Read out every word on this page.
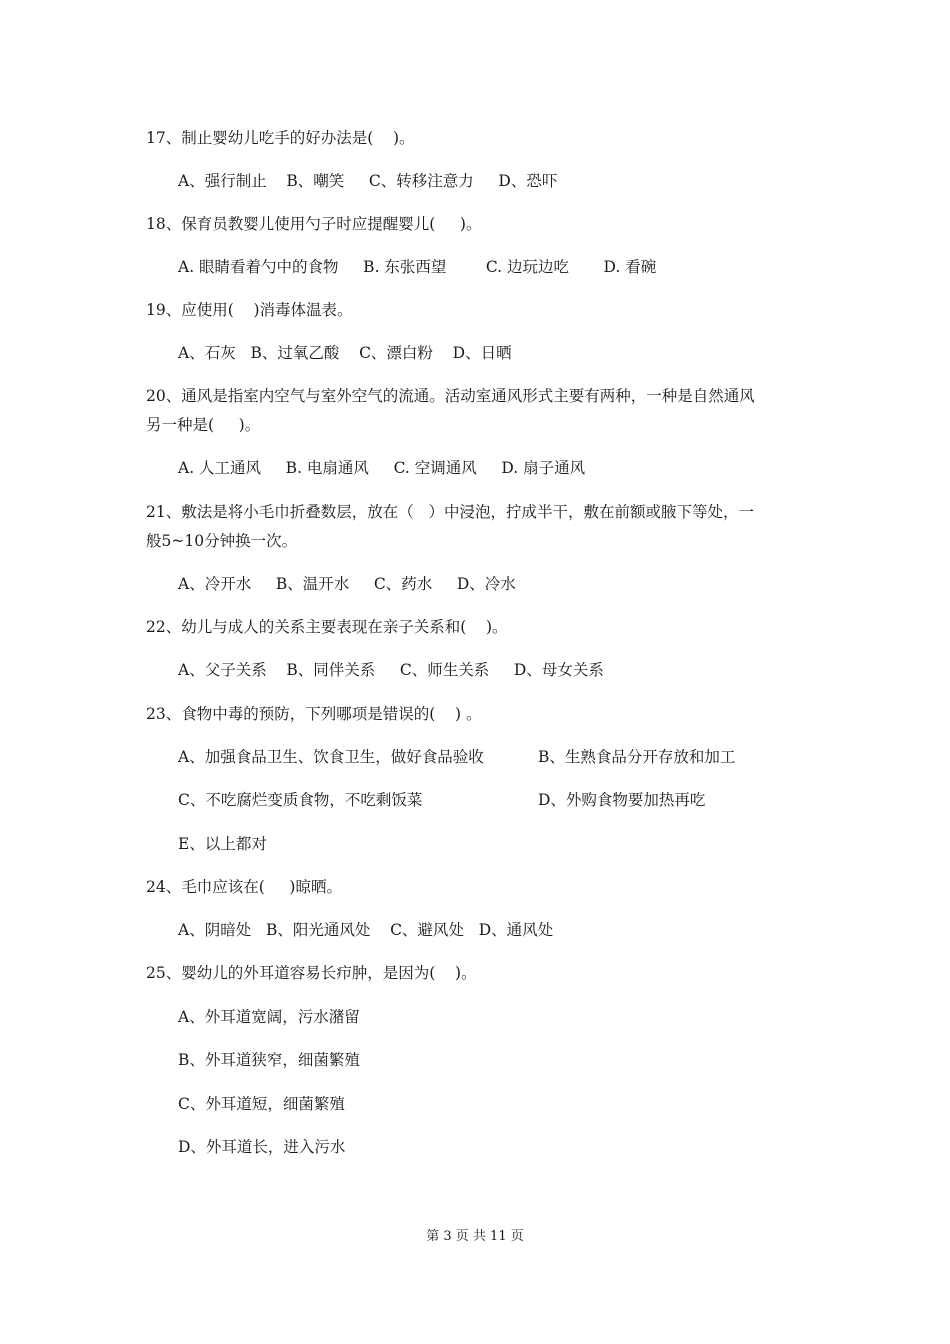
17、制止婴幼儿吃手的好办法是(    )。

A、强行制止    B、嘲笑     C、转移注意力     D、恐吓

18、保育员教婴儿使用勺子时应提醒婴儿(     )。

A. 眼睛看着勺中的食物     B. 东张西望        C. 边玩边吃       D. 看碗

19、应使用(    )消毒体温表。

A、石灰   B、过氧乙酸    C、漂白粉    D、日晒

20、通风是指室内空气与室外空气的流通。活动室通风形式主要有两种，一种是自然通风

另一种是(     )。

A. 人工通风     B. 电扇通风     C. 空调通风     D. 扇子通风

21、敷法是将小毛巾折叠数层，放在（   ）中浸泡，拧成半干，敷在前额或腋下等处，一

般5~10分钟换一次。

A、冷开水     B、温开水     C、药水     D、冷水

22、幼儿与成人的关系主要表现在亲子关系和(    )。

A、父子关系    B、同伴关系     C、师生关系     D、母女关系

23、食物中毒的预防，下列哪项是错误的(    ) 。

A、加强食品卫生、饮食卫生，做好食品验收	B、生熟食品分开存放和加工

C、不吃腐烂变质食物，不吃剩饭菜	D、外购食物要加热再吃

E、以上都对

24、毛巾应该在(     )晾晒。

A、阴暗处   B、阳光通风处    C、避风处   D、通风处

25、婴幼儿的外耳道容易长疖肿，是因为(    )。

A、外耳道宽阔，污水潴留

B、外耳道狭窄，细菌繁殖

C、外耳道短，细菌繁殖

D、外耳道长，进入污水

第 3 页 共 11 页
